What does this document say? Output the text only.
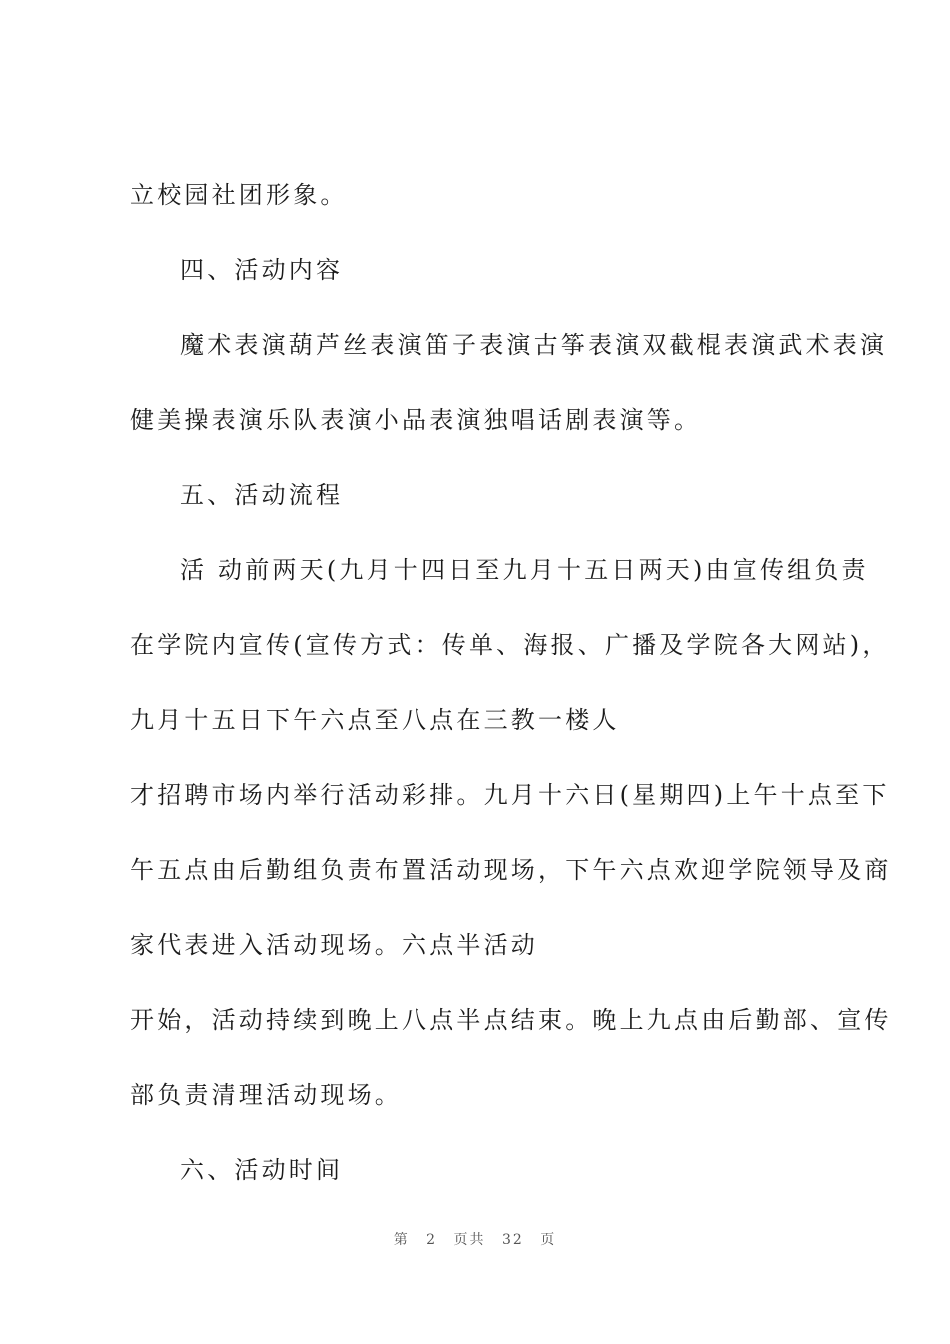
立校园社团形象。
四、活动内容
魔术表演葫芦丝表演笛子表演古筝表演双截棍表演武术表演
健美操表演乐队表演小品表演独唱话剧表演等。
五、活动流程
活 动前两天(九月十四日至九月十五日两天)由宣传组负责
在学院内宣传(宣传方式：传单、海报、广播及学院各大网站)，
九月十五日下午六点至八点在三教一楼人
才招聘市场内举行活动彩排。九月十六日(星期四)上午十点至下
午五点由后勤组负责布置活动现场，下午六点欢迎学院领导及商
家代表进入活动现场。六点半活动
开始，活动持续到晚上八点半点结束。晚上九点由后勤部、宣传
部负责清理活动现场。
六、活动时间
第 2 页共 32 页
